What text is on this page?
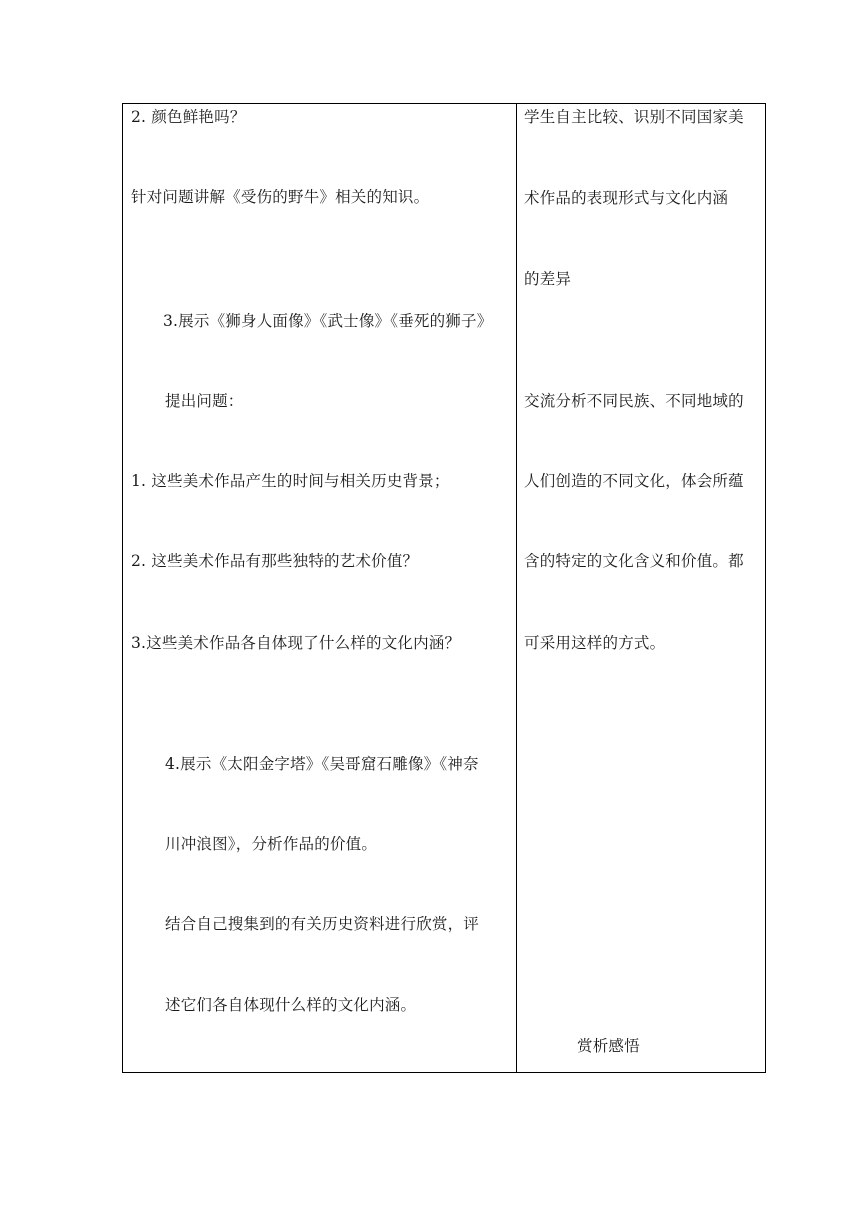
2. 颜色鲜艳吗？
针对问题讲解《受伤的野牛》相关的知识。
3.展示《狮身人面像》《武士像》《垂死的狮子》
提出问题：
1. 这些美术作品产生的时间与相关历史背景；
2. 这些美术作品有那些独特的艺术价值？
3.这些美术作品各自体现了什么样的文化内涵？
4.展示《太阳金字塔》《吴哥窟石雕像》《神奈
川冲浪图》，分析作品的价值。
结合自己搜集到的有关历史资料进行欣赏，评
述它们各自体现什么样的文化内涵。
学生自主比较、识别不同国家美
术作品的表现形式与文化内涵
的差异
交流分析不同民族、不同地域的
人们创造的不同文化，体会所蕴
含的特定的文化含义和价值。都
可采用这样的方式。
赏析感悟
